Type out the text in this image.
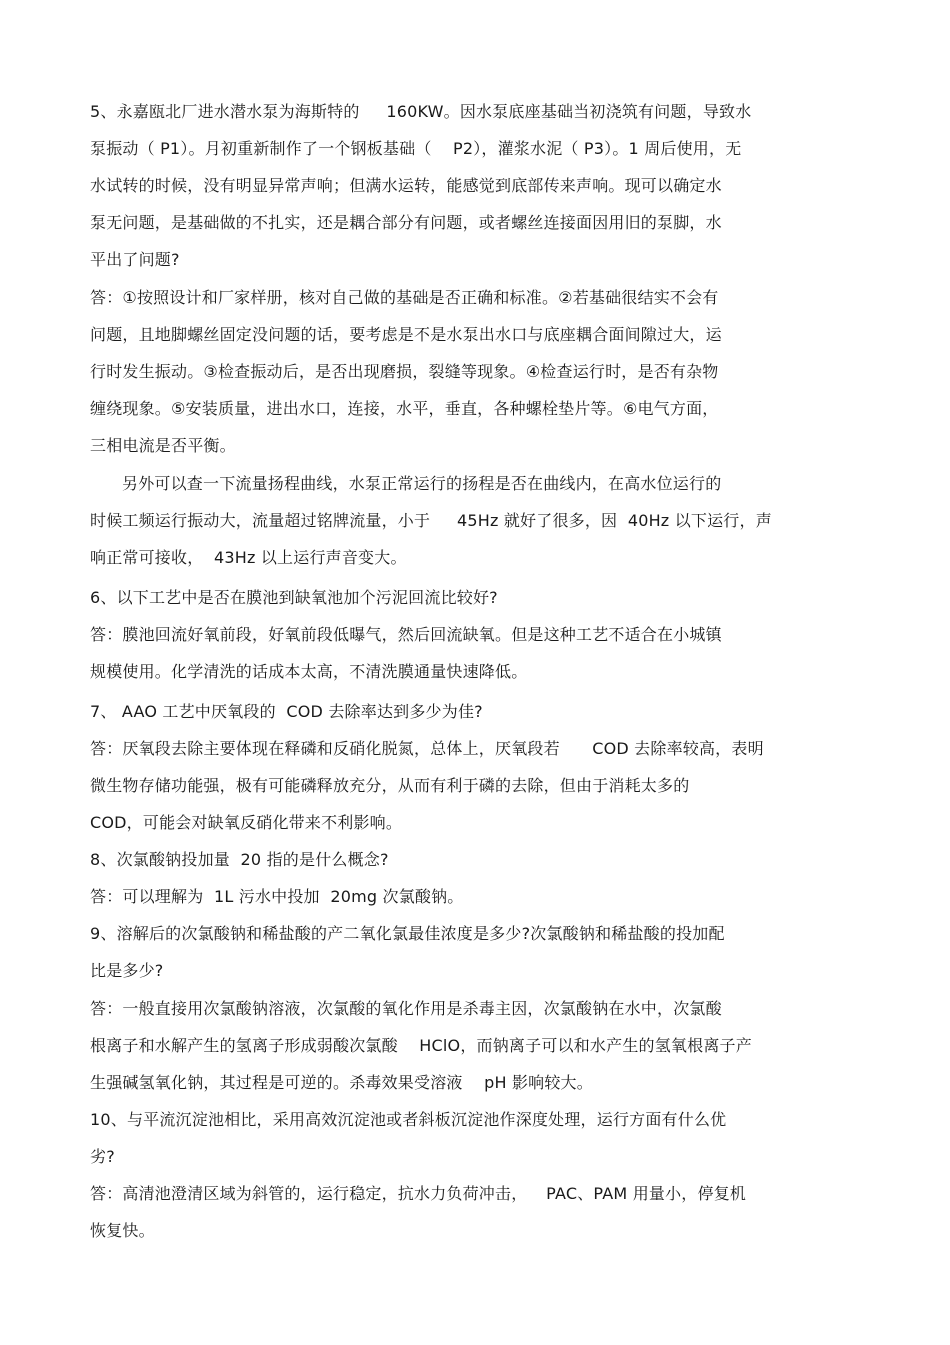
5、永嘉瓯北厂进水潜水泵为海斯特的　  160KW。因水泵底座基础当初浇筑有问题，导致水
泵振动（ P1）。月初重新制作了一个钢板基础（　 P2），灌浆水泥（ P3）。1 周后使用，无
水试转的时候，没有明显异常声响；但满水运转，能感觉到底部传来声响。现可以确定水
泵无问题，是基础做的不扎实，还是耦合部分有问题，或者螺丝连接面因用旧的泵脚，水
平出了问题?
答：①按照设计和厂家样册，核对自己做的基础是否正确和标准。②若基础很结实不会有
问题，且地脚螺丝固定没问题的话，要考虑是不是水泵出水口与底座耦合面间隙过大，运
行时发生振动。③检查振动后，是否出现磨损，裂缝等现象。④检查运行时，是否有杂物
缠绕现象。⑤安装质量，进出水口，连接，水平，垂直，各种螺栓垫片等。⑥电气方面，
三相电流是否平衡。
另外可以查一下流量扬程曲线，水泵正常运行的扬程是否在曲线内，在高水位运行的
时候工频运行振动大，流量超过铭牌流量，小于　  45Hz 就好了很多，因  40Hz 以下运行，声
响正常可接收，  43Hz 以上运行声音变大。
6、以下工艺中是否在膜池到缺氧池加个污泥回流比较好?
答：膜池回流好氧前段，好氧前段低曝气，然后回流缺氧。但是这种工艺不适合在小城镇
规模使用。化学清洗的话成本太高，不清洗膜通量快速降低。
7、 AAO 工艺中厌氧段的  COD 去除率达到多少为佳?
答：厌氧段去除主要体现在释磷和反硝化脱氮，总体上，厌氧段若　　COD 去除率较高，表明
微生物存储功能强，极有可能磷释放充分，从而有利于磷的去除，但由于消耗太多的
COD，可能会对缺氧反硝化带来不利影响。
8、次氯酸钠投加量  20 指的是什么概念?
答：可以理解为  1L 污水中投加  20mg 次氯酸钠。
9、溶解后的次氯酸钠和稀盐酸的产二氧化氯最佳浓度是多少?次氯酸钠和稀盐酸的投加配
比是多少?
答：一般直接用次氯酸钠溶液，次氯酸的氧化作用是杀毒主因，次氯酸钠在水中，次氯酸
根离子和水解产生的氢离子形成弱酸次氯酸　 HClO，而钠离子可以和水产生的氢氧根离子产
生强碱氢氧化钠，其过程是可逆的。杀毒效果受溶液　 pH 影响较大。
10、与平流沉淀池相比，采用高效沉淀池或者斜板沉淀池作深度处理，运行方面有什么优
劣?
答：高清池澄清区域为斜管的，运行稳定，抗水力负荷冲击，　  PAC、PAM 用量小，停复机
恢复快。
